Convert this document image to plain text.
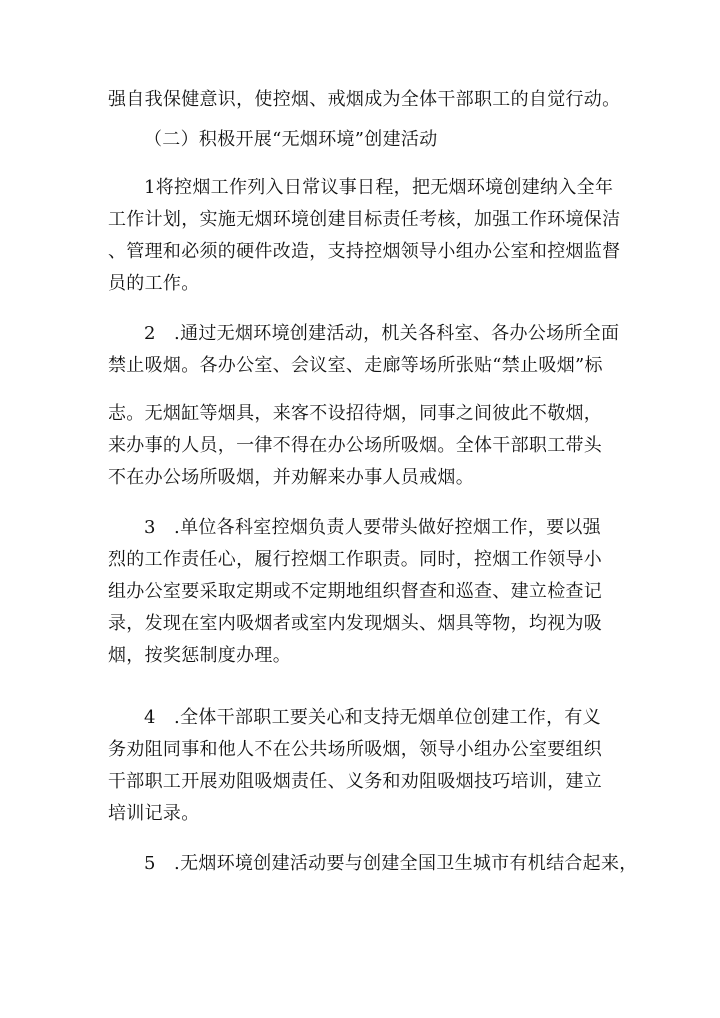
强自我保健意识，使控烟、戒烟成为全体干部职工的自觉行动。
（二）积极开展“无烟环境”创建活动
1将控烟工作列入日常议事日程，把无烟环境创建纳入全年
工作计划，实施无烟环境创建目标责任考核，加强工作环境保洁
、管理和必须的硬件改造，支持控烟领导小组办公室和控烟监督
员的工作。
2　.通过无烟环境创建活动，机关各科室、各办公场所全面
禁止吸烟。各办公室、会议室、走廊等场所张贴“禁止吸烟”标
志。无烟缸等烟具，来客不设招待烟，同事之间彼此不敬烟，
来办事的人员，一律不得在办公场所吸烟。全体干部职工带头
不在办公场所吸烟，并劝解来办事人员戒烟。
3　.单位各科室控烟负责人要带头做好控烟工作，要以强
烈的工作责任心，履行控烟工作职责。同时，控烟工作领导小
组办公室要采取定期或不定期地组织督查和巡查、建立检查记
录，发现在室内吸烟者或室内发现烟头、烟具等物，均视为吸
烟，按奖惩制度办理。
4　.全体干部职工要关心和支持无烟单位创建工作，有义
务劝阻同事和他人不在公共场所吸烟，领导小组办公室要组织
干部职工开展劝阻吸烟责任、义务和劝阻吸烟技巧培训，建立
培训记录。
5　.无烟环境创建活动要与创建全国卫生城市有机结合起来，
